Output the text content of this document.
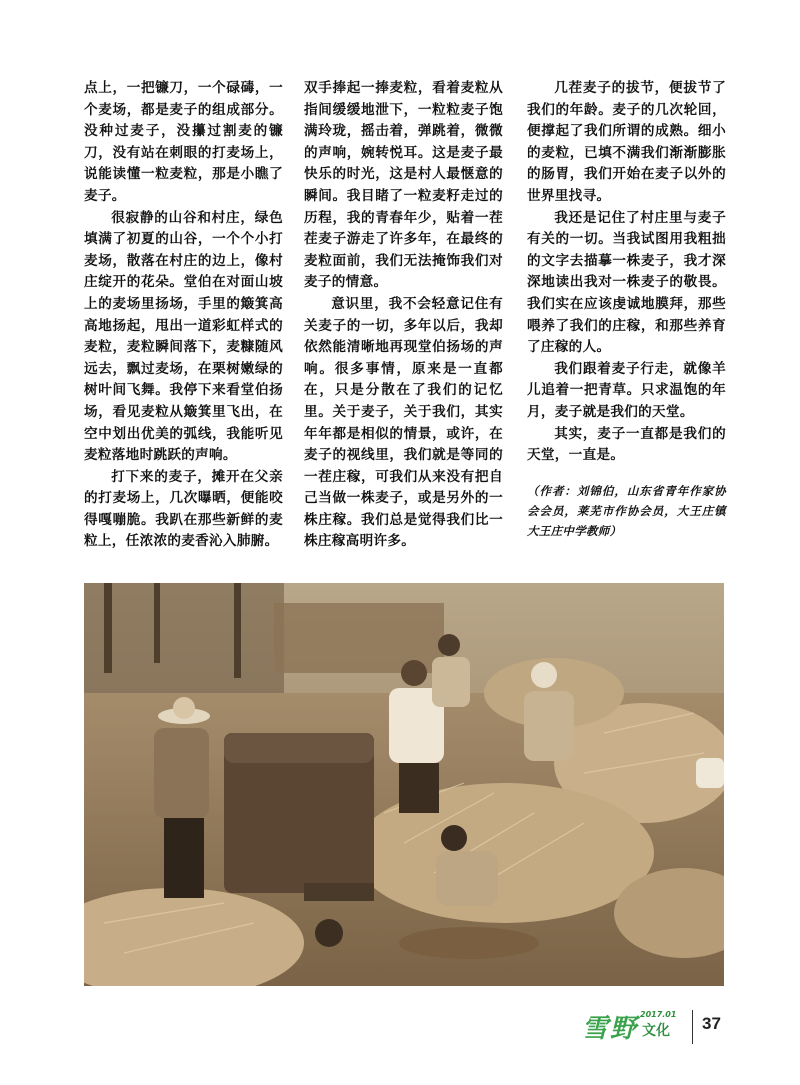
点上，一把镰刀，一个碌碡，一个麦场，都是麦子的组成部分。没种过麦子，没攥过割麦的镰刀，没有站在刺眼的打麦场上，说能读懂一粒麦粒，那是小瞧了麦子。

很寂静的山谷和村庄，绿色填满了初夏的山谷，一个个小打麦场，散落在村庄的边上，像村庄绽开的花朵。堂伯在对面山坡上的麦场里扬场，手里的簸箕高高地扬起，甩出一道彩虹样式的麦粒，麦粒瞬间落下，麦糠随风远去，飘过麦场，在栗树嫩绿的树叶间飞舞。我停下来看堂伯扬场，看见麦粒从簸箕里飞出，在空中划出优美的弧线，我能听见麦粒落地时跳跃的声响。

打下来的麦子，摊开在父亲的打麦场上，几次曝晒，便能咬得嘎嘣脆。我趴在那些新鲜的麦粒上，任浓浓的麦香沁入肺腑。

双手捧起一捧麦粒，看着麦粒从指间缓缓地泄下，一粒粒麦子饱满玲珑，摇击着，弹跳着，微微的声响，婉转悦耳。这是麦子最快乐的时光，这是村人最惬意的瞬间。我目睹了一粒麦籽走过的历程，我的青春年少，贴着一茬茬麦子游走了许多年，在最终的麦粒面前，我们无法掩饰我们对麦子的情意。

意识里，我不会轻意记住有关麦子的一切，多年以后，我却依然能清晰地再现堂伯扬场的声响。很多事情，原来是一直都在，只是分散在了我们的记忆里。关于麦子，关于我们，其实年年都是相似的情景，或许，在麦子的视线里，我们就是等同的一茬庄稼，可我们从来没有把自己当做一株麦子，或是另外的一株庄稼。我们总是觉得我们比一株庄稼高明许多。

几茬麦子的拔节，便拔节了我们的年龄。麦子的几次轮回，便撑起了我们所谓的成熟。细小的麦粒，已填不满我们渐渐膨胀的肠胃，我们开始在麦子以外的世界里找寻。

我还是记住了村庄里与麦子有关的一切。当我试图用我粗拙的文字去描摹一株麦子，我才深深地读出我对一株麦子的敬畏。我们实在应该虔诚地膜拜，那些喂养了我们的庄稼，和那些养育了庄稼的人。

我们跟着麦子行走，就像羊儿追着一把青草。只求温饱的年月，麦子就是我们的天堂。

其实，麦子一直都是我们的天堂，一直是。

（作者：刘锦伯，山东省青年作家协会会员，莱芜市作协会员，大王庄镇大王庄中学教师）

雪野 2017.01
文化 37
